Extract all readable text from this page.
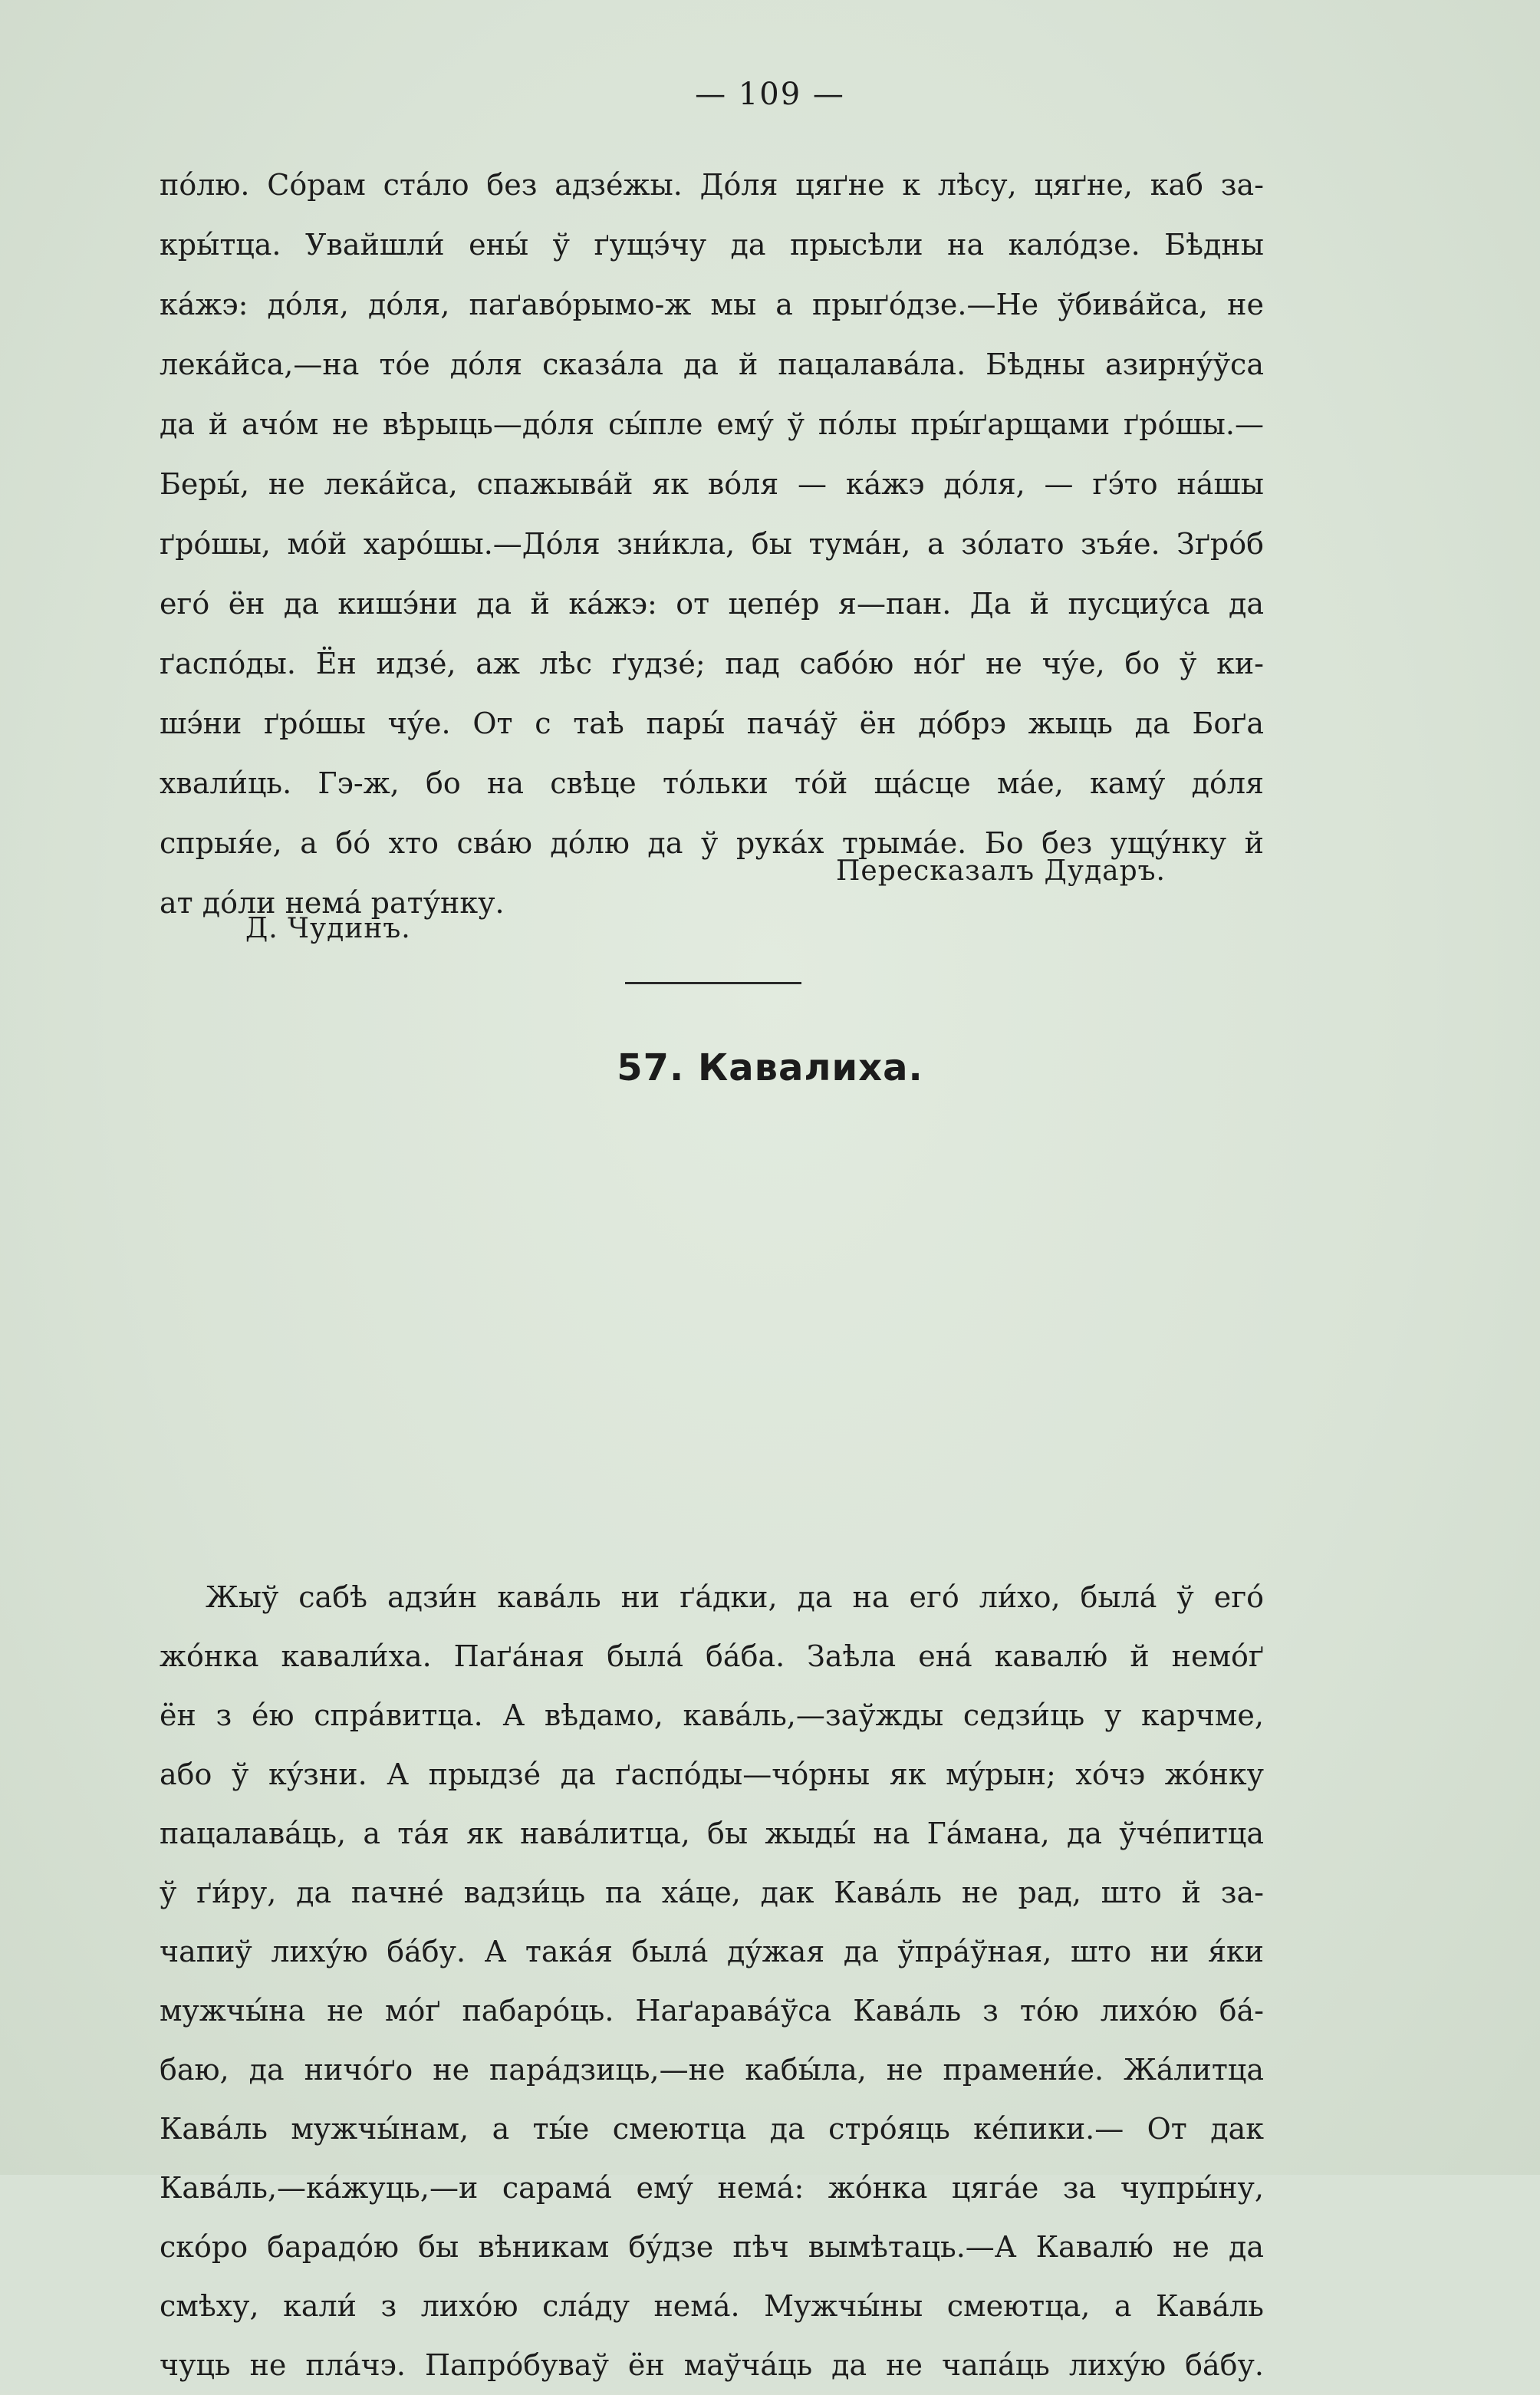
— 109 —
пóлю. Сóрам стáло без адзéжы. Дóля цяґне к лѣсу, цяґне, каб за-
кры́тца. Увайшли́ ены́ ў ґущэ́чу да прысѣли на калóдзе. Бѣдны
кáжэ: дóля, дóля, паґавóрымо-ж мы а прыґóдзе.—Не ўбивáйса, не
лекáйса,—на тóе дóля сказáла да й пацалавáла. Бѣдны азирну́ўса
да й ачóм не вѣрыць—дóля сы́пле ему́ ў пóлы пры́ґарщами ґрóшы.—
Беры́, не лекáйса, спажывáй як вóля — кáжэ дóля, — ґэ́то нáшы
ґрóшы, мóй харóшы.—Дóля зни́кла, бы тумáн, а зóлато зъя́е. Зґрóб
егó ён да кишэ́ни да й кáжэ: от цепéр я—пан. Да й пусциу́са да
ґаспóды. Ён идзé, аж лѣс ґудзé; пад сабóю нóґ не чу́е, бо ў ки-
шэ́ни ґрóшы чу́е. От с таѣ пары́ пачáў ён дóбрэ жыць да Боґа
хвали́ць. Гэ-ж, бо на свѣце тóльки тóй щáсце мáе, каму́ дóля
спрыя́е, а бó хто свáю дóлю да ў рукáх трымáе. Бо без ущу́нку й
ат дóли немá рату́нку.
Пересказалъ Дударъ.
Д. Чудинъ.
57. Кавалиха.
Жыў сабѣ адзи́н кавáль ни ґáдки, да на егó ли́хо, былá ў егó
жóнка кавали́ха. Паґáная былá бáба. Заѣла енá кавалю́ й немóґ
ён з éю спрáвитца. А вѣдамо, кавáль,—заўжды седзи́ць у карчме,
або ў кýзни. А прыдзé да ґаспóды—чóрны як мýрын; хóчэ жóнку
пацалавáць, а тáя як навáлитца, бы жыды́ на Гáмана, да ўчéпитца
ў ґи́ру, да пачнé вадзи́ць па хáце, дак Кавáль не рад, што й за-
чапиў лиху́ю бáбу. А такáя былá ду́жая да ўпрáўная, што ни я́ки
мужчы́на не мóґ пабарóць. Наґаравáўса Кавáль з тóю лихóю бá-
баю, да ничóґо не парáдзиць,—не кабы́ла, не прамени́е. Жáлитца
Кавáль мужчы́нам, а ты́е смеютца да стрóяць кéпики.— От дак
Кавáль,—кáжуць,—и сарамá ему́ немá: жóнка цягáе за чупры́ну,
скóро барадóю бы вѣникам бýдзе пѣч вымѣтаць.—А Кавалю́ не да
смѣху, кали́ з лихóю слáду немá. Мужчы́ны смеютца, а Кавáль
чуць не плáчэ. Папрóбуваў ён маўчáць да не чапáць лиху́ю бáбу.
